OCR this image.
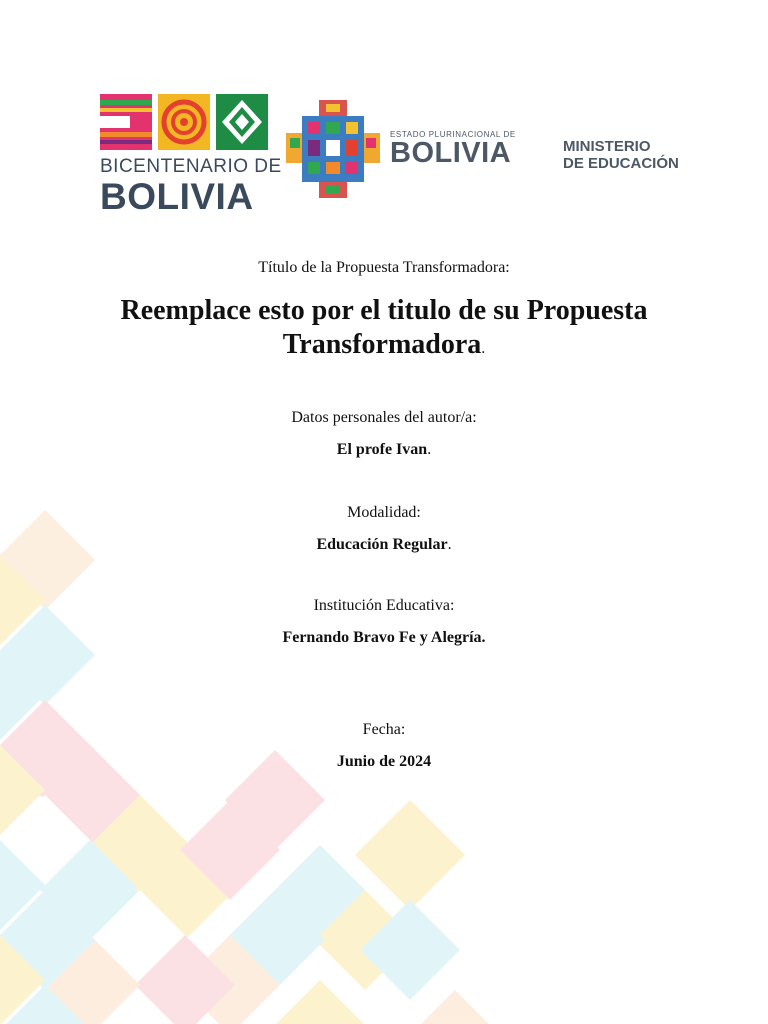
BICENTENARIO DE
BOLIVIA
ESTADO PLURINACIONAL DE
BOLIVIA	MINISTERIO
DE EDUCACIÓN
Título de la Propuesta Transformadora:
Reemplace esto por el titulo de su Propuesta Transformadora.
Datos personales del autor/a:
El profe Ivan.
Modalidad:
Educación Regular.
Institución Educativa:
Fernando Bravo Fe y Alegría.
Fecha:
Junio de 2024
